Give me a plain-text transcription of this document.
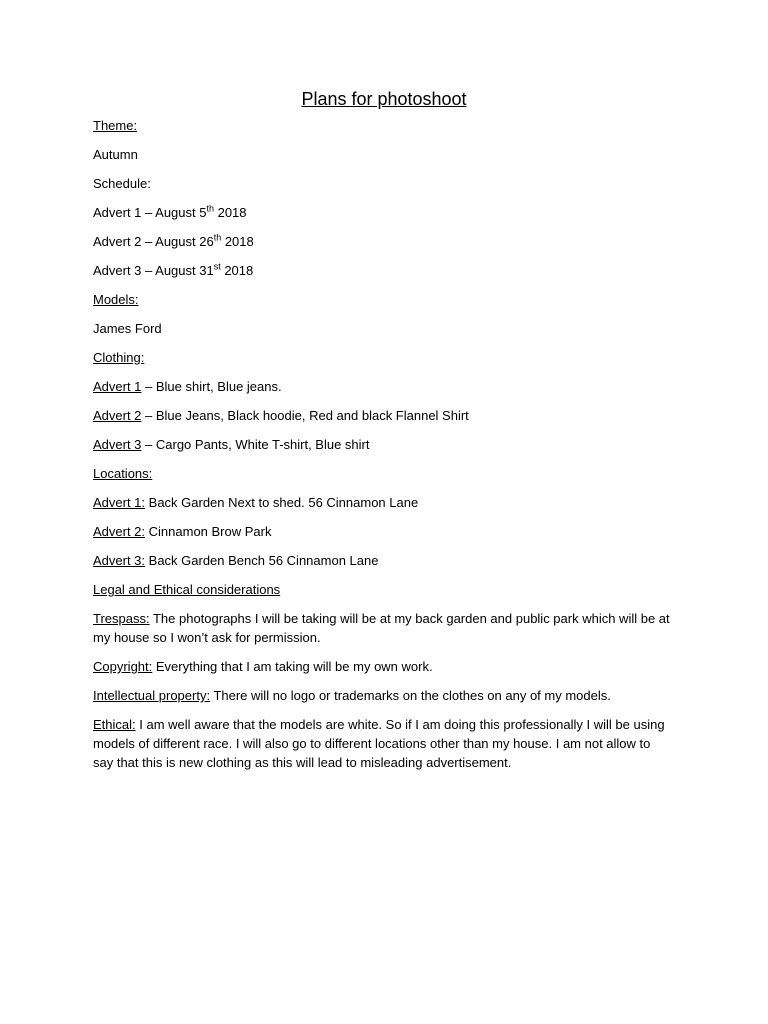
Plans for photoshoot

Theme:

Autumn

Schedule:

Advert 1 – August 5th 2018

Advert 2 – August 26th 2018

Advert 3 – August 31st 2018

Models:

James Ford

Clothing:

Advert 1 – Blue shirt, Blue jeans.

Advert 2 – Blue Jeans, Black hoodie, Red and black Flannel Shirt

Advert 3 – Cargo Pants, White T-shirt, Blue shirt

Locations:

Advert 1: Back Garden Next to shed. 56 Cinnamon Lane

Advert 2: Cinnamon Brow Park

Advert 3: Back Garden Bench 56 Cinnamon Lane

Legal and Ethical considerations

Trespass: The photographs I will be taking will be at my back garden and public park which will be at my house so I won’t ask for permission.

Copyright: Everything that I am taking will be my own work.

Intellectual property: There will no logo or trademarks on the clothes on any of my models.

Ethical: I am well aware that the models are white. So if I am doing this professionally I will be using models of different race. I will also go to different locations other than my house. I am not allow to say that this is new clothing as this will lead to misleading advertisement.
